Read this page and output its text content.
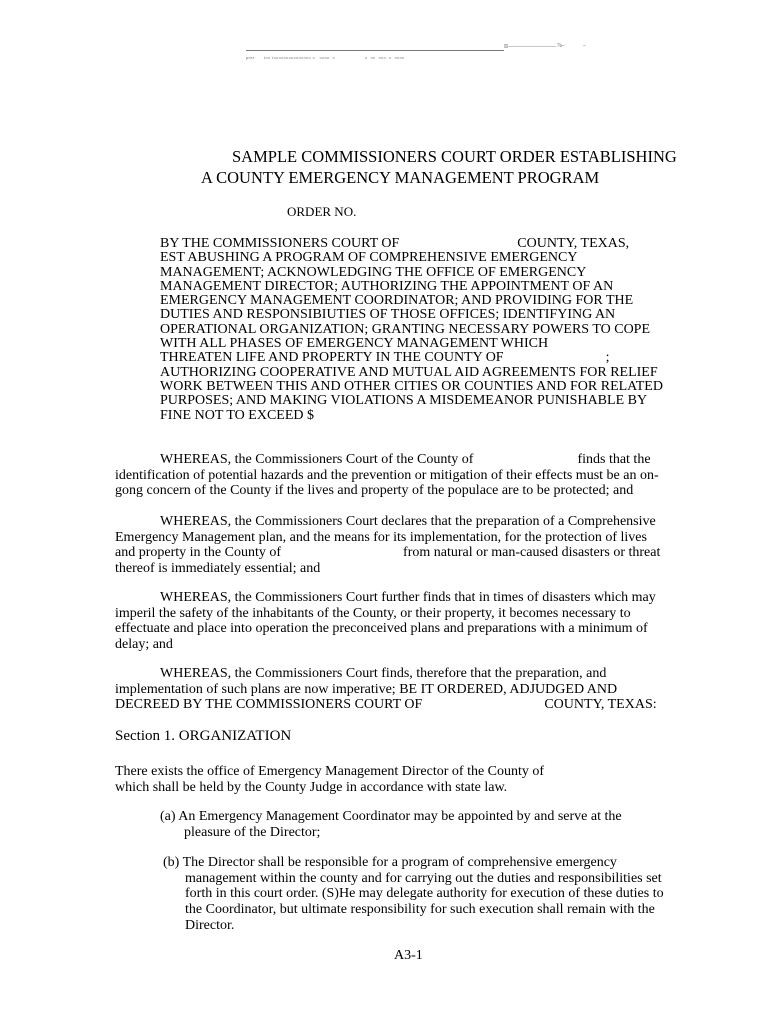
II———————— 7b~	~
pree      ioo iooooooooooooooo o   oooo  o                    o  oo  ooo  o  oooo
SAMPLE COMMISSIONERS COURT ORDER ESTABLISHING
A COUNTY EMERGENCY MANAGEMENT PROGRAM
ORDER NO.
BY THE COMMISSIONERS COURT OF	COUNTY, TEXAS,
EST ABUSHING A PROGRAM OF COMPREHENSIVE EMERGENCY
MANAGEMENT; ACKNOWLEDGING THE OFFICE OF EMERGENCY
MANAGEMENT DIRECTOR; AUTHORIZING THE APPOINTMENT OF AN
EMERGENCY MANAGEMENT COORDINATOR; AND PROVIDING FOR THE
DUTIES AND RESPONSIBIUTIES OF THOSE OFFICES; IDENTIFYING AN
OPERATIONAL ORGANIZATION; GRANTING NECESSARY POWERS TO COPE
WITH ALL PHASES OF EMERGENCY MANAGEMENT WHICH
THREATEN LIFE AND PROPERTY IN THE COUNTY OF	;
AUTHORIZING COOPERATIVE AND MUTUAL AID AGREEMENTS FOR RELIEF
WORK BETWEEN THIS AND OTHER CITIES OR COUNTIES AND FOR RELATED
PURPOSES; AND MAKING VIOLATIONS A MISDEMEANOR PUNISHABLE BY
FINE NOT TO EXCEED $
WHEREAS, the Commissioners Court of the County of	finds that the
identification of potential hazards and the prevention or mitigation of their effects must be an on-
gong concern of the County if the lives and property of the populace are to be protected; and
WHEREAS, the Commissioners Court declares that the preparation of a Comprehensive
Emergency Management plan, and the means for its implementation, for the protection of lives
and property in the County of	from natural or man-caused disasters or threat
thereof is immediately essential; and
WHEREAS, the Commissioners Court further finds that in times of disasters which may
imperil the safety of the inhabitants of the County, or their property, it becomes necessary to
effectuate and place into operation the preconceived plans and preparations with a minimum of
delay; and
WHEREAS, the Commissioners Court finds, therefore that the preparation, and
implementation of such plans are now imperative; BE IT ORDERED, ADJUDGED AND
DECREED BY THE COMMISSIONERS COURT OF	COUNTY, TEXAS:
Section 1. ORGANIZATION
There exists the office of Emergency Management Director of the County of
which shall be held by the County Judge in accordance with state law.
(a) An Emergency Management Coordinator may be appointed by and serve at the
pleasure of the Director;
(b) The Director shall be responsible for a program of comprehensive emergency
management within the county and for carrying out the duties and responsibilities set
forth in this court order. (S)He may delegate authority for execution of these duties to
the Coordinator, but ultimate responsibility for such execution shall remain with the
Director.
A3-1
